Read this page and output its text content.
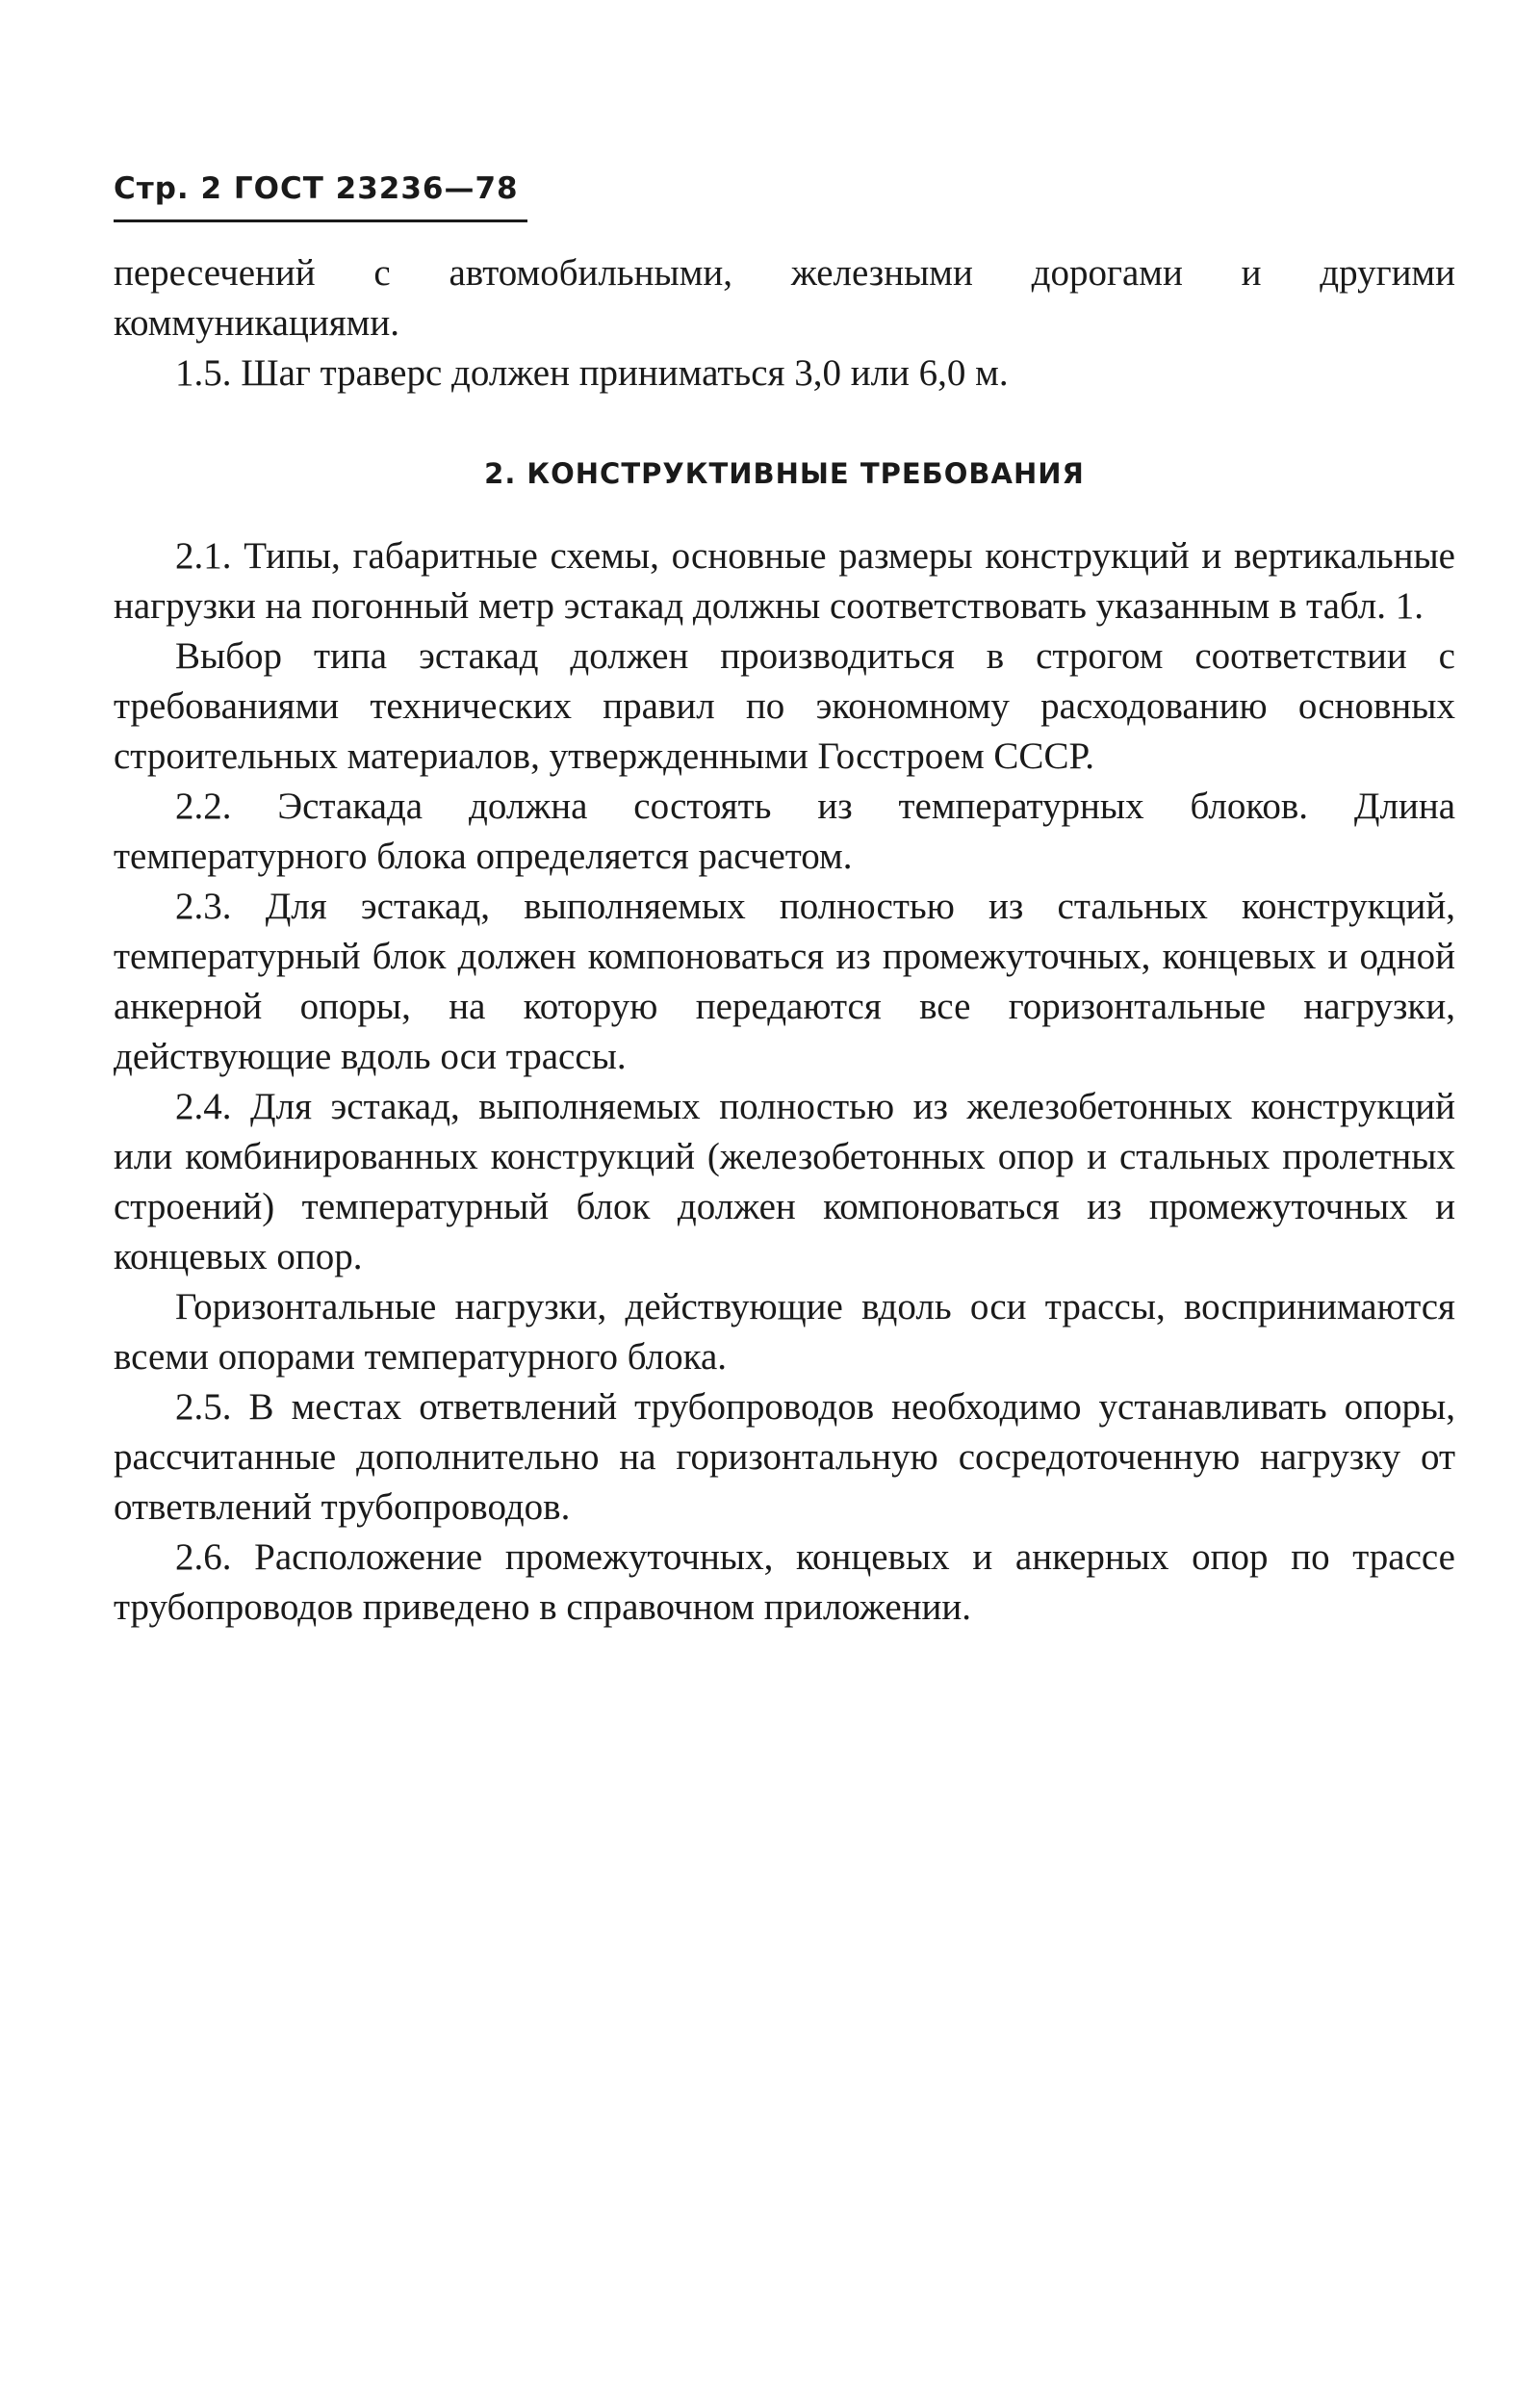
Стр. 2 ГОСТ 23236—78

пересечений с автомобильными, железными дорогами и другими коммуникациями.

1.5. Шаг траверс должен приниматься 3,0 или 6,0 м.

2. КОНСТРУКТИВНЫЕ ТРЕБОВАНИЯ

2.1. Типы, габаритные схемы, основные размеры конструкций и вертикальные нагрузки на погонный метр эстакад должны соответствовать указанным в табл. 1.

Выбор типа эстакад должен производиться в строгом соответствии с требованиями технических правил по экономному расходованию основных строительных материалов, утвержденными Госстроем СССР.

2.2. Эстакада должна состоять из температурных блоков. Длина температурного блока определяется расчетом.

2.3. Для эстакад, выполняемых полностью из стальных конструкций, температурный блок должен компоноваться из промежуточных, концевых и одной анкерной опоры, на которую передаются все горизонтальные нагрузки, действующие вдоль оси трассы.

2.4. Для эстакад, выполняемых полностью из железобетонных конструкций или комбинированных конструкций (железобетонных опор и стальных пролетных строений) температурный блок должен компоноваться из промежуточных и концевых опор.

Горизонтальные нагрузки, действующие вдоль оси трассы, воспринимаются всеми опорами температурного блока.

2.5. В местах ответвлений трубопроводов необходимо устанавливать опоры, рассчитанные дополнительно на горизонтальную сосредоточенную нагрузку от ответвлений трубопроводов.

2.6. Расположение промежуточных, концевых и анкерных опор по трассе трубопроводов приведено в справочном приложении.
